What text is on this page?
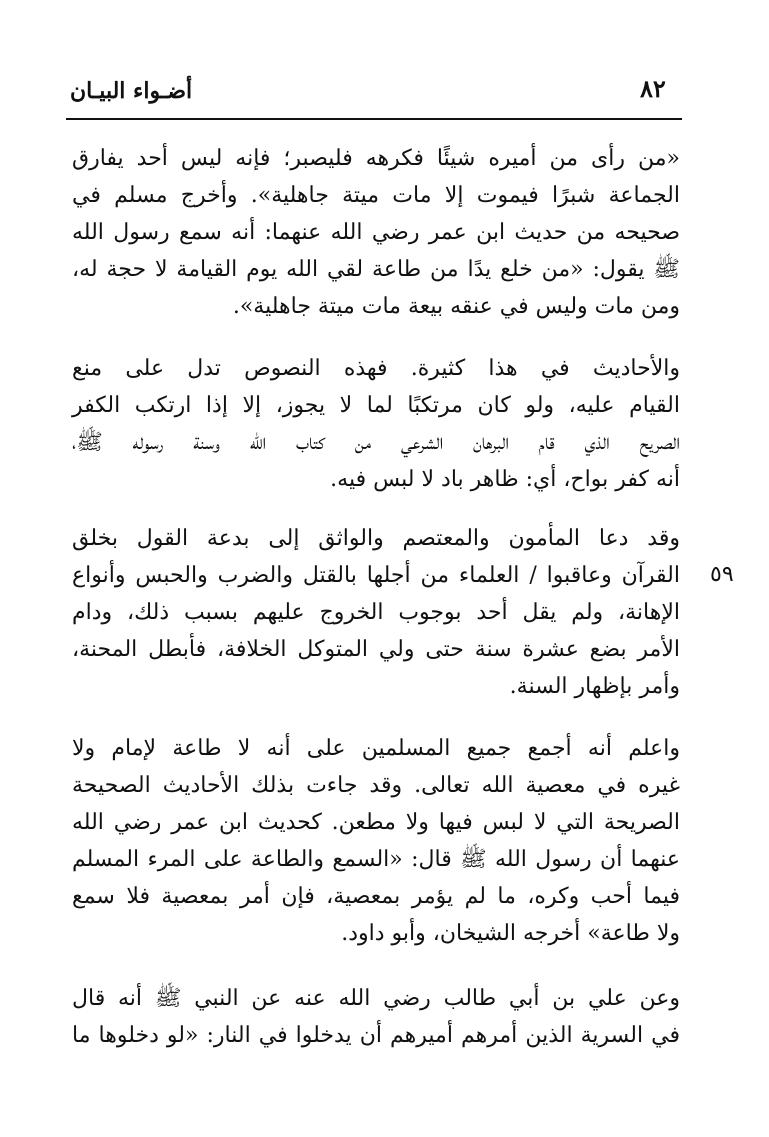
أضـواء البيـان	٨٢
٥٩

«من رأى من أميره شيئًا فكرهه فليصبر؛ فإنه ليس أحد يفارق
الجماعة شبرًا فيموت إلا مات ميتة جاهلية». وأخرج مسلم في
صحيحه من حديث ابن عمر رضي الله عنهما: أنه سمع رسول الله
ﷺ يقول: «من خلع يدًا من طاعة لقي الله يوم القيامة لا حجة له،
ومن مات وليس في عنقه بيعة مات ميتة جاهلية».

والأحاديث في هذا كثيرة. فهذه النصوص تدل على منع
القيام عليه، ولو كان مرتكبًا لما لا يجوز، إلا إذا ارتكب الكفر
الصريح الذي قام البرهان الشرعي من كتاب الله وسنة رسوله ﷺ،
أنه كفر بواح، أي: ظاهر باد لا لبس فيه.

وقد دعا المأمون والمعتصم والواثق إلى بدعة القول بخلق
القرآن وعاقبوا / العلماء من أجلها بالقتل والضرب والحبس وأنواع
الإهانة، ولم يقل أحد بوجوب الخروج عليهم بسبب ذلك، ودام
الأمر بضع عشرة سنة حتى ولي المتوكل الخلافة، فأبطل المحنة،
وأمر بإظهار السنة.

واعلم أنه أجمع جميع المسلمين على أنه لا طاعة لإمام ولا
غيره في معصية الله تعالى. وقد جاءت بذلك الأحاديث الصحيحة
الصريحة التي لا لبس فيها ولا مطعن. كحديث ابن عمر رضي الله
عنهما أن رسول الله ﷺ قال: «السمع والطاعة على المرء المسلم
فيما أحب وكره، ما لم يؤمر بمعصية، فإن أمر بمعصية فلا سمع
ولا طاعة» أخرجه الشيخان، وأبو داود.

وعن علي بن أبي طالب رضي الله عنه عن النبي ﷺ أنه قال
في السرية الذين أمرهم أميرهم أن يدخلوا في النار: «لو دخلوها ما
